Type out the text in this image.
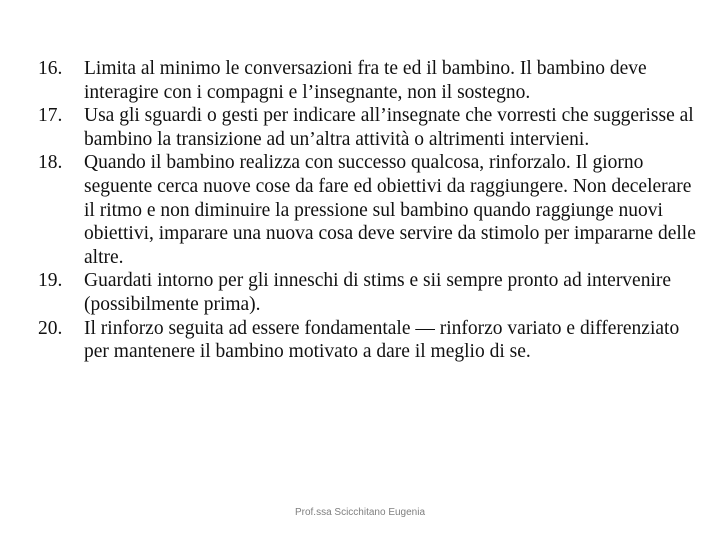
16.	Limita al minimo le conversazioni fra te ed il bambino. Il bambino deve interagire con i compagni e l’insegnante, non il sostegno.
17.	Usa gli sguardi o gesti per indicare all’insegnate che vorresti che suggerisse al bambino la transizione ad un’altra attività o altrimenti intervieni.
18.	Quando il bambino realizza con successo qualcosa, rinforzalo. Il giorno seguente cerca nuove cose da fare ed obiettivi da raggiungere. Non decelerare il ritmo e non diminuire la pressione sul bambino quando raggiunge nuovi obiettivi, imparare una nuova cosa deve servire da stimolo per impararne delle altre.
19.	Guardati intorno per gli inneschi di stims e sii sempre pronto ad intervenire (possibilmente prima).
20.	Il rinforzo seguita ad essere fondamentale — rinforzo variato e differenziato per mantenere il bambino motivato a dare il meglio di se.
Prof.ssa Scicchitano Eugenia
